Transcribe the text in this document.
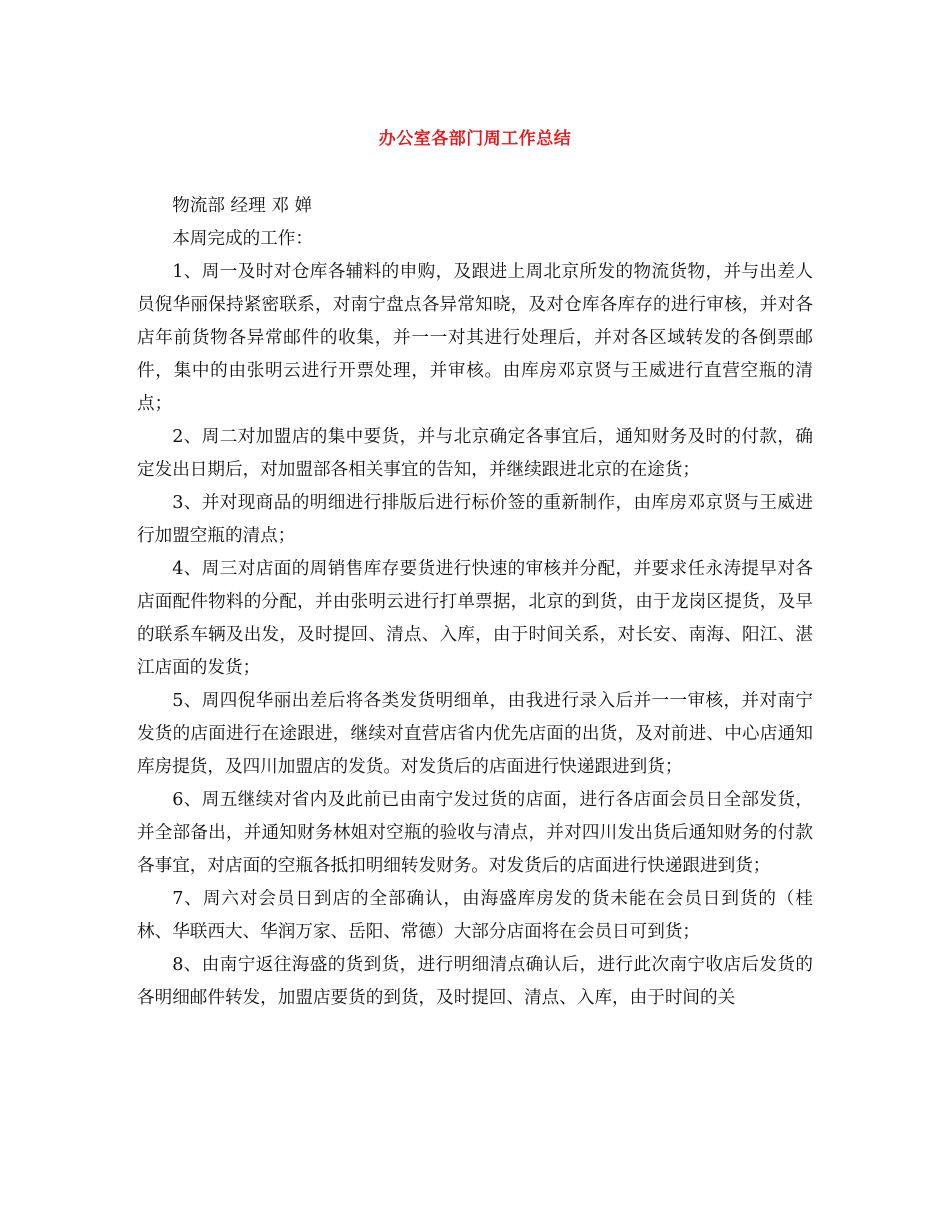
办公室各部门周工作总结

物流部 经理 邓 婵

本周完成的工作：

1、周一及时对仓库各辅料的申购，及跟进上周北京所发的物流货物，并与出差人员倪华丽保持紧密联系，对南宁盘点各异常知晓，及对仓库各库存的进行审核，并对各店年前货物各异常邮件的收集，并一一对其进行处理后，并对各区域转发的各倒票邮件，集中的由张明云进行开票处理，并审核。由库房邓京贤与王威进行直营空瓶的清点；

2、周二对加盟店的集中要货，并与北京确定各事宜后，通知财务及时的付款，确定发出日期后，对加盟部各相关事宜的告知，并继续跟进北京的在途货；

3、并对现商品的明细进行排版后进行标价签的重新制作，由库房邓京贤与王威进行加盟空瓶的清点；

4、周三对店面的周销售库存要货进行快速的审核并分配，并要求任永涛提早对各店面配件物料的分配，并由张明云进行打单票据，北京的到货，由于龙岗区提货，及早的联系车辆及出发，及时提回、清点、入库，由于时间关系，对长安、南海、阳江、湛江店面的发货；

5、周四倪华丽出差后将各类发货明细单，由我进行录入后并一一审核，并对南宁发货的店面进行在途跟进，继续对直营店省内优先店面的出货，及对前进、中心店通知库房提货，及四川加盟店的发货。对发货后的店面进行快递跟进到货；

6、周五继续对省内及此前已由南宁发过货的店面，进行各店面会员日全部发货，并全部备出，并通知财务林姐对空瓶的验收与清点，并对四川发出货后通知财务的付款各事宜，对店面的空瓶各抵扣明细转发财务。对发货后的店面进行快递跟进到货；

7、周六对会员日到店的全部确认，由海盛库房发的货未能在会员日到货的（桂林、华联西大、华润万家、岳阳、常德）大部分店面将在会员日可到货；

8、由南宁返往海盛的货到货，进行明细清点确认后，进行此次南宁收店后发货的各明细邮件转发，加盟店要货的到货，及时提回、清点、入库，由于时间的关
